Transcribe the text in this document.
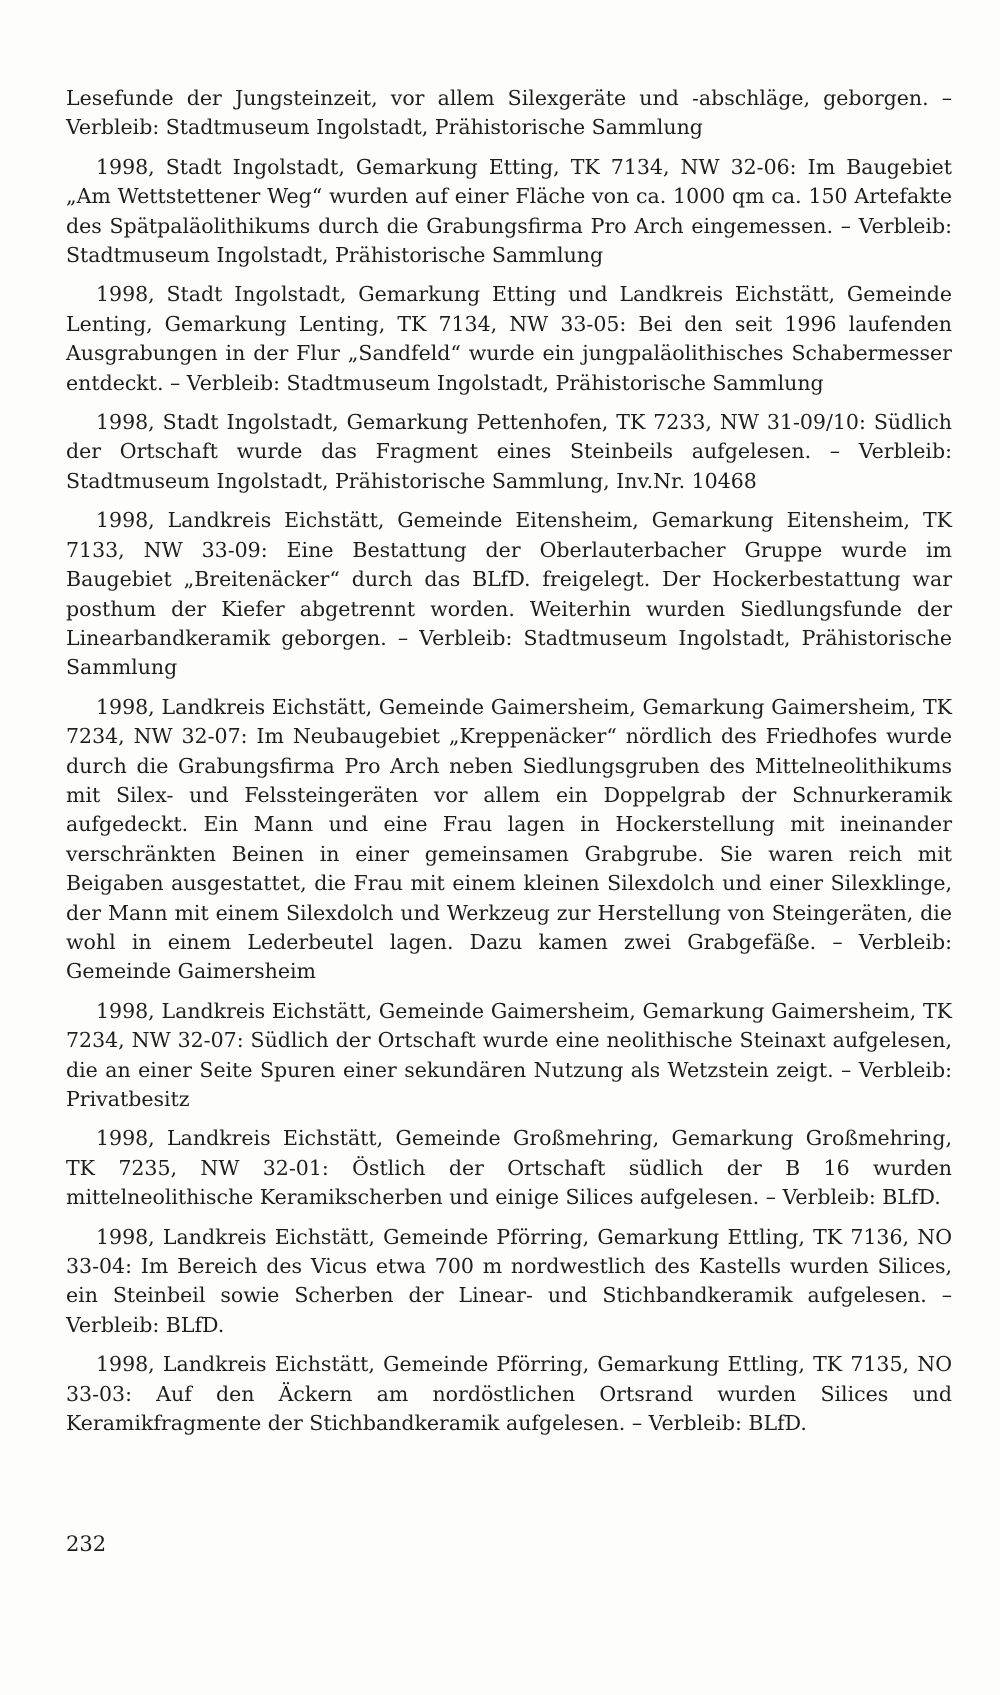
Lesefunde der Jungsteinzeit, vor allem Silexgeräte und -abschläge, geborgen. – Verbleib: Stadtmuseum Ingolstadt, Prähistorische Sammlung

1998, Stadt Ingolstadt, Gemarkung Etting, TK 7134, NW 32-06: Im Baugebiet „Am Wettstettener Weg“ wurden auf einer Fläche von ca. 1000 qm ca. 150 Artefakte des Spätpaläolithikums durch die Grabungsfirma Pro Arch eingemessen. – Verbleib: Stadtmuseum Ingolstadt, Prähistorische Sammlung

1998, Stadt Ingolstadt, Gemarkung Etting und Landkreis Eichstätt, Gemeinde Lenting, Gemarkung Lenting, TK 7134, NW 33-05: Bei den seit 1996 laufenden Ausgrabungen in der Flur „Sandfeld“ wurde ein jungpaläolithisches Schabermesser entdeckt. – Verbleib: Stadtmuseum Ingolstadt, Prähistorische Sammlung

1998, Stadt Ingolstadt, Gemarkung Pettenhofen, TK 7233, NW 31-09/10: Südlich der Ortschaft wurde das Fragment eines Steinbeils aufgelesen. – Verbleib: Stadtmuseum Ingolstadt, Prähistorische Sammlung, Inv.Nr. 10468

1998, Landkreis Eichstätt, Gemeinde Eitensheim, Gemarkung Eitensheim, TK 7133, NW 33-09: Eine Bestattung der Oberlauterbacher Gruppe wurde im Baugebiet „Breitenäcker“ durch das BLfD. freigelegt. Der Hockerbestattung war posthum der Kiefer abgetrennt worden. Weiterhin wurden Siedlungsfunde der Linearbandkeramik geborgen. – Verbleib: Stadtmuseum Ingolstadt, Prähistorische Sammlung

1998, Landkreis Eichstätt, Gemeinde Gaimersheim, Gemarkung Gaimersheim, TK 7234, NW 32-07: Im Neubaugebiet „Kreppenäcker“ nördlich des Friedhofes wurde durch die Grabungsfirma Pro Arch neben Siedlungsgruben des Mittelneolithikums mit Silex- und Felssteingeräten vor allem ein Doppelgrab der Schnurkeramik aufgedeckt. Ein Mann und eine Frau lagen in Hockerstellung mit ineinander verschränkten Beinen in einer gemeinsamen Grabgrube. Sie waren reich mit Beigaben ausgestattet, die Frau mit einem kleinen Silexdolch und einer Silexklinge, der Mann mit einem Silexdolch und Werkzeug zur Herstellung von Steingeräten, die wohl in einem Lederbeutel lagen. Dazu kamen zwei Grabgefäße. – Verbleib: Gemeinde Gaimersheim

1998, Landkreis Eichstätt, Gemeinde Gaimersheim, Gemarkung Gaimersheim, TK 7234, NW 32-07: Südlich der Ortschaft wurde eine neolithische Steinaxt aufgelesen, die an einer Seite Spuren einer sekundären Nutzung als Wetzstein zeigt. – Verbleib: Privatbesitz

1998, Landkreis Eichstätt, Gemeinde Großmehring, Gemarkung Großmehring, TK 7235, NW 32-01: Östlich der Ortschaft südlich der B 16 wurden mittelneolithische Keramikscherben und einige Silices aufgelesen. – Verbleib: BLfD.

1998, Landkreis Eichstätt, Gemeinde Pförring, Gemarkung Ettling, TK 7136, NO 33-04: Im Bereich des Vicus etwa 700 m nordwestlich des Kastells wurden Silices, ein Steinbeil sowie Scherben der Linear- und Stichbandkeramik aufgelesen. – Verbleib: BLfD.

1998, Landkreis Eichstätt, Gemeinde Pförring, Gemarkung Ettling, TK 7135, NO 33-03: Auf den Äckern am nordöstlichen Ortsrand wurden Silices und Keramikfragmente der Stichbandkeramik aufgelesen. – Verbleib: BLfD.

232
